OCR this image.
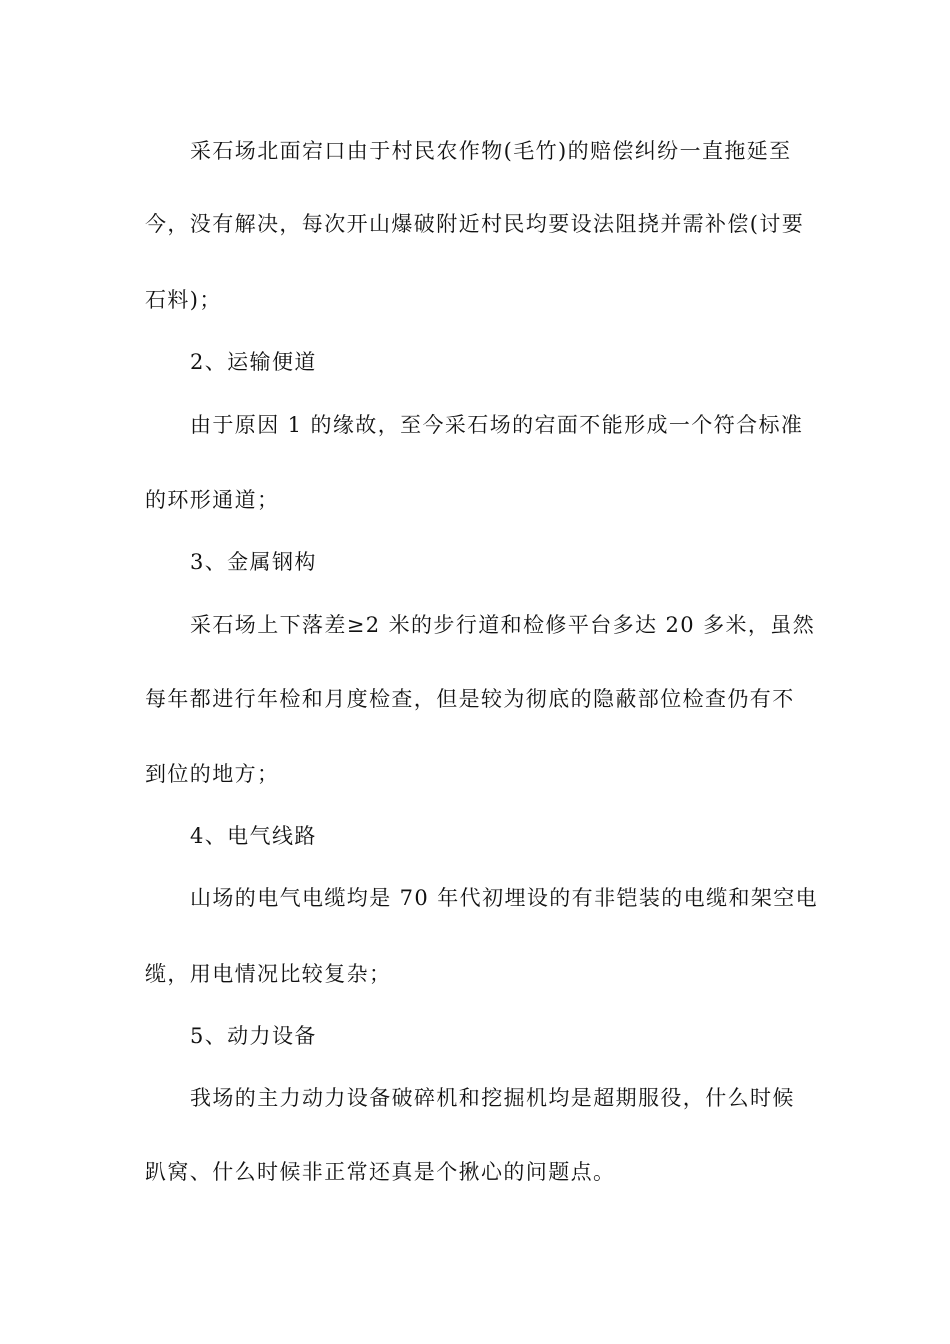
采石场北面宕口由于村民农作物(毛竹)的赔偿纠纷一直拖延至
今，没有解决，每次开山爆破附近村民均要设法阻挠并需补偿(讨要
石料)；
2、运输便道
由于原因 1 的缘故，至今采石场的宕面不能形成一个符合标准
的环形通道；
3、金属钢构
采石场上下落差≥2 米的步行道和检修平台多达 20 多米，虽然
每年都进行年检和月度检查，但是较为彻底的隐蔽部位检查仍有不
到位的地方；
4、电气线路
山场的电气电缆均是 70 年代初埋设的有非铠装的电缆和架空电
缆，用电情况比较复杂；
5、动力设备
我场的主力动力设备破碎机和挖掘机均是超期服役，什么时候
趴窝、什么时候非正常还真是个揪心的问题点。
